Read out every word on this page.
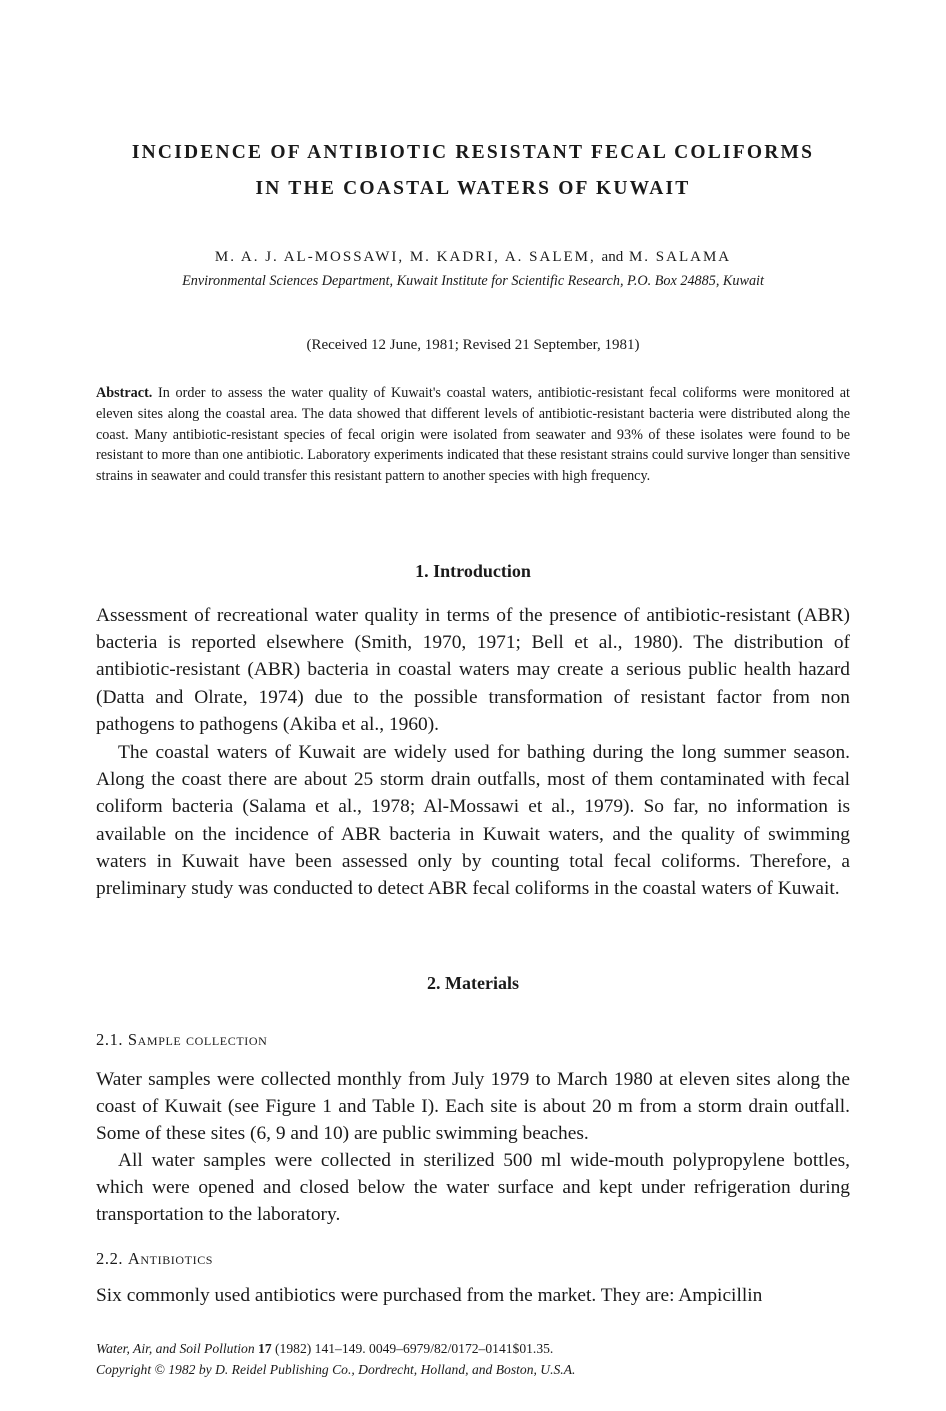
INCIDENCE OF ANTIBIOTIC RESISTANT FECAL COLIFORMS
IN THE COASTAL WATERS OF KUWAIT
M. A. J. AL-MOSSAWI, M. KADRI, A. SALEM, and M. SALAMA
Environmental Sciences Department, Kuwait Institute for Scientific Research, P.O. Box 24885, Kuwait
(Received 12 June, 1981; Revised 21 September, 1981)
Abstract. In order to assess the water quality of Kuwait's coastal waters, antibiotic-resistant fecal coliforms were monitored at eleven sites along the coastal area. The data showed that different levels of antibiotic-resistant bacteria were distributed along the coast. Many antibiotic-resistant species of fecal origin were isolated from seawater and 93% of these isolates were found to be resistant to more than one antibiotic. Laboratory experiments indicated that these resistant strains could survive longer than sensitive strains in seawater and could transfer this resistant pattern to another species with high frequency.
1. Introduction
Assessment of recreational water quality in terms of the presence of antibiotic-resistant (ABR) bacteria is reported elsewhere (Smith, 1970, 1971; Bell et al., 1980). The distribution of antibiotic-resistant (ABR) bacteria in coastal waters may create a serious public health hazard (Datta and Olrate, 1974) due to the possible transformation of resistant factor from non pathogens to pathogens (Akiba et al., 1960).
The coastal waters of Kuwait are widely used for bathing during the long summer season. Along the coast there are about 25 storm drain outfalls, most of them contaminated with fecal coliform bacteria (Salama et al., 1978; Al-Mossawi et al., 1979). So far, no information is available on the incidence of ABR bacteria in Kuwait waters, and the quality of swimming waters in Kuwait have been assessed only by counting total fecal coliforms. Therefore, a preliminary study was conducted to detect ABR fecal coliforms in the coastal waters of Kuwait.
2. Materials
2.1. Sample collection
Water samples were collected monthly from July 1979 to March 1980 at eleven sites along the coast of Kuwait (see Figure 1 and Table I). Each site is about 20 m from a storm drain outfall. Some of these sites (6, 9 and 10) are public swimming beaches.
All water samples were collected in sterilized 500 ml wide-mouth polypropylene bottles, which were opened and closed below the water surface and kept under refrigeration during transportation to the laboratory.
2.2. Antibiotics
Six commonly used antibiotics were purchased from the market. They are: Ampicillin
Water, Air, and Soil Pollution 17 (1982) 141–149. 0049–6979/82/0172–0141$01.35.
Copyright © 1982 by D. Reidel Publishing Co., Dordrecht, Holland, and Boston, U.S.A.
